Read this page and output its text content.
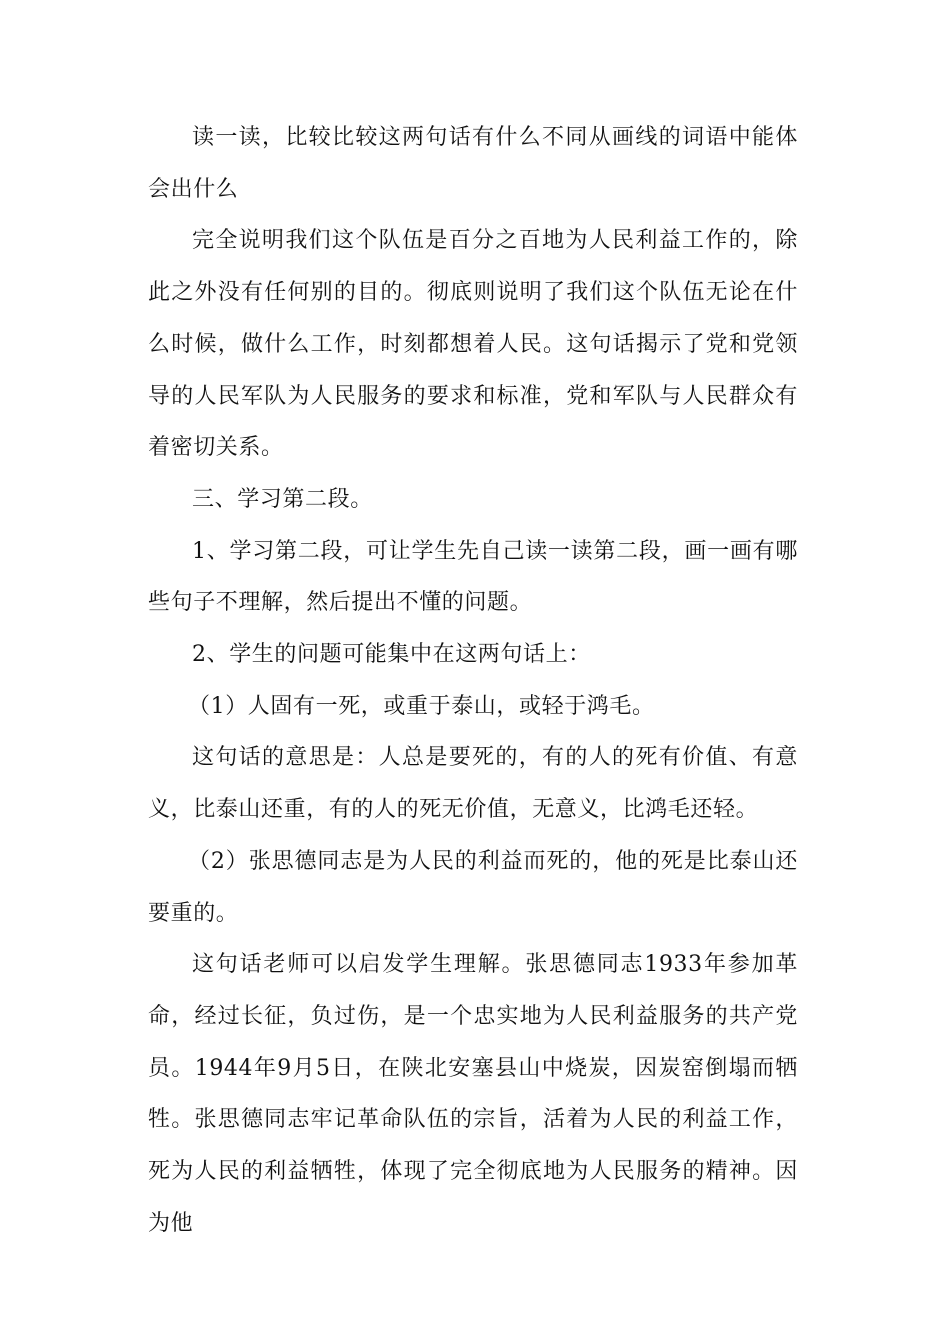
读一读，比较比较这两句话有什么不同从画线的词语中能体会出什么

完全说明我们这个队伍是百分之百地为人民利益工作的，除此之外没有任何别的目的。彻底则说明了我们这个队伍无论在什么时候，做什么工作，时刻都想着人民。这句话揭示了党和党领导的人民军队为人民服务的要求和标准，党和军队与人民群众有着密切关系。

三、学习第二段。

1、学习第二段，可让学生先自己读一读第二段，画一画有哪些句子不理解，然后提出不懂的问题。

2、学生的问题可能集中在这两句话上：

（1）人固有一死，或重于泰山，或轻于鸿毛。

这句话的意思是：人总是要死的，有的人的死有价值、有意义，比泰山还重，有的人的死无价值，无意义，比鸿毛还轻。

（2）张思德同志是为人民的利益而死的，他的死是比泰山还要重的。

这句话老师可以启发学生理解。张思德同志1933年参加革命，经过长征，负过伤，是一个忠实地为人民利益服务的共产党员。1944年9月5日，在陕北安塞县山中烧炭，因炭窑倒塌而牺牲。张思德同志牢记革命队伍的宗旨，活着为人民的利益工作，死为人民的利益牺牲，体现了完全彻底地为人民服务的精神。因为他
